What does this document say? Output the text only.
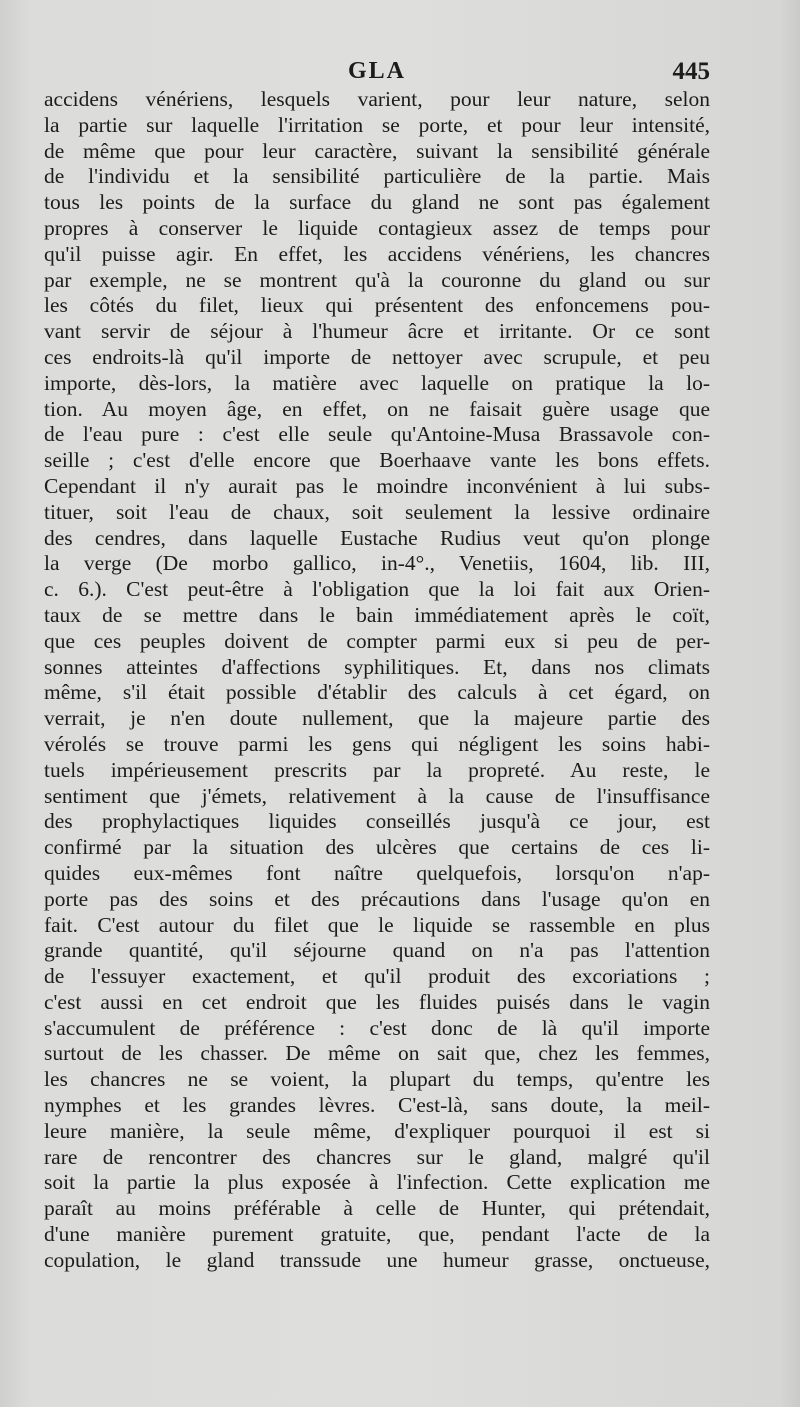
GLA	445
accidens vénériens, lesquels varient, pour leur nature, selon
la partie sur laquelle l'irritation se porte, et pour leur intensité,
de même que pour leur caractère, suivant la sensibilité générale
de l'individu et la sensibilité particulière de la partie. Mais
tous les points de la surface du gland ne sont pas également
propres à conserver le liquide contagieux assez de temps pour
qu'il puisse agir. En effet, les accidens vénériens, les chancres
par exemple, ne se montrent qu'à la couronne du gland ou sur
les côtés du filet, lieux qui présentent des enfoncemens pou-
vant servir de séjour à l'humeur âcre et irritante. Or ce sont
ces endroits-là qu'il importe de nettoyer avec scrupule, et peu
importe, dès-lors, la matière avec laquelle on pratique la lo-
tion. Au moyen âge, en effet, on ne faisait guère usage que
de l'eau pure : c'est elle seule qu'Antoine-Musa Brassavole con-
seille ; c'est d'elle encore que Boerhaave vante les bons effets.
Cependant il n'y aurait pas le moindre inconvénient à lui subs-
tituer, soit l'eau de chaux, soit seulement la lessive ordinaire
des cendres, dans laquelle Eustache Rudius veut qu'on plonge
la verge (De morbo gallico, in-4°., Venetiis, 1604, lib. III,
c. 6.). C'est peut-être à l'obligation que la loi fait aux Orien-
taux de se mettre dans le bain immédiatement après le coït,
que ces peuples doivent de compter parmi eux si peu de per-
sonnes atteintes d'affections syphilitiques. Et, dans nos climats
même, s'il était possible d'établir des calculs à cet égard, on
verrait, je n'en doute nullement, que la majeure partie des
vérolés se trouve parmi les gens qui négligent les soins habi-
tuels impérieusement prescrits par la propreté. Au reste, le
sentiment que j'émets, relativement à la cause de l'insuffisance
des prophylactiques liquides conseillés jusqu'à ce jour, est
confirmé par la situation des ulcères que certains de ces li-
quides eux-mêmes font naître quelquefois, lorsqu'on n'ap-
porte pas des soins et des précautions dans l'usage qu'on en
fait. C'est autour du filet que le liquide se rassemble en plus
grande quantité, qu'il séjourne quand on n'a pas l'attention
de l'essuyer exactement, et qu'il produit des excoriations ;
c'est aussi en cet endroit que les fluides puisés dans le vagin
s'accumulent de préférence : c'est donc de là qu'il importe
surtout de les chasser. De même on sait que, chez les femmes,
les chancres ne se voient, la plupart du temps, qu'entre les
nymphes et les grandes lèvres. C'est-là, sans doute, la meil-
leure manière, la seule même, d'expliquer pourquoi il est si
rare de rencontrer des chancres sur le gland, malgré qu'il
soit la partie la plus exposée à l'infection. Cette explication me
paraît au moins préférable à celle de Hunter, qui prétendait,
d'une manière purement gratuite, que, pendant l'acte de la
copulation, le gland transsude une humeur grasse, onctueuse,
